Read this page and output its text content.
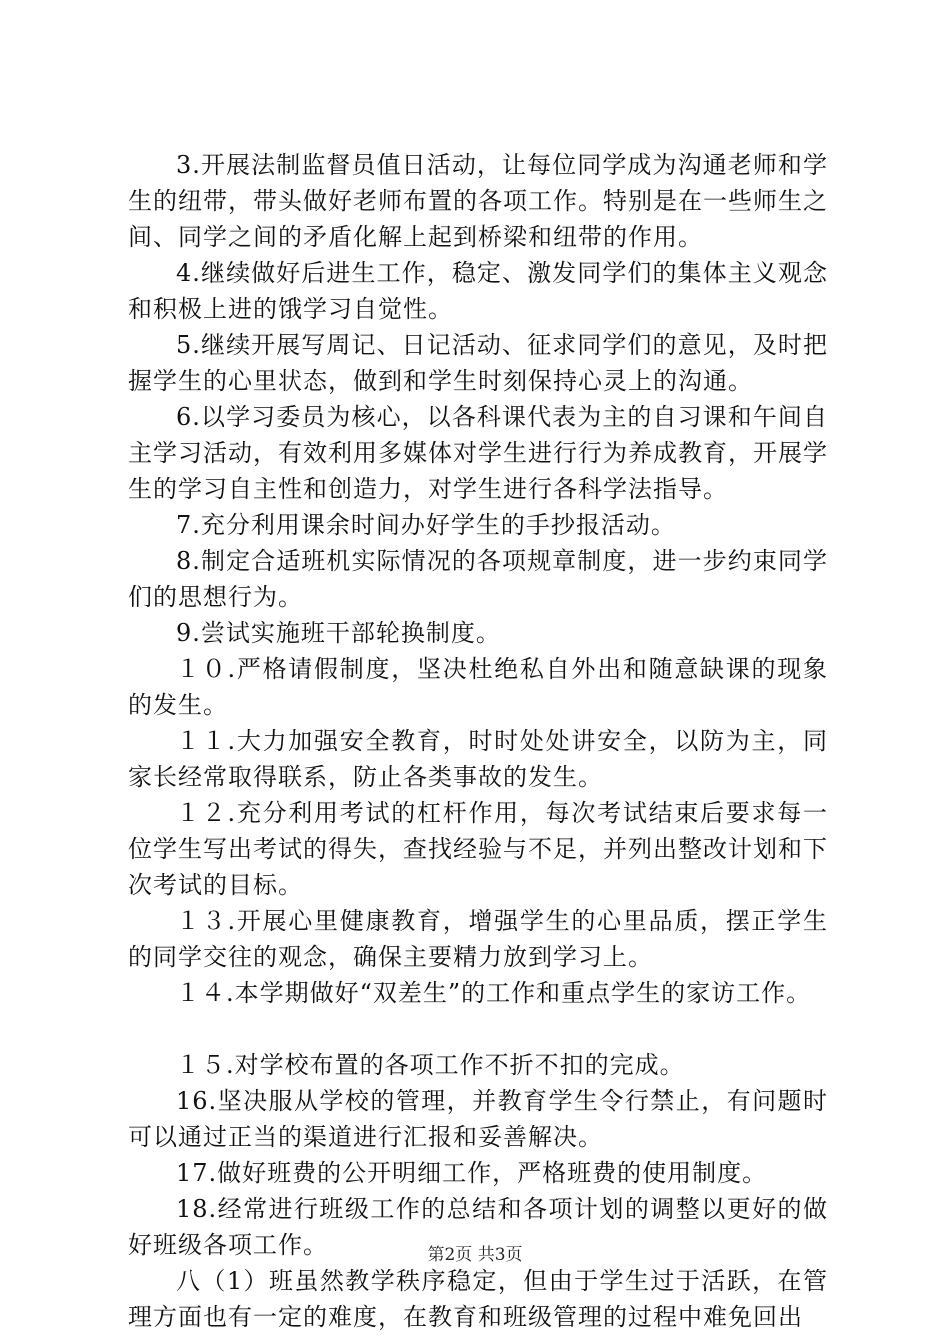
3.开展法制监督员值日活动，让每位同学成为沟通老师和学生的纽带，带头做好老师布置的各项工作。特别是在一些师生之间、同学之间的矛盾化解上起到桥梁和纽带的作用。

4.继续做好后进生工作，稳定、激发同学们的集体主义观念和积极上进的饿学习自觉性。

5.继续开展写周记、日记活动、征求同学们的意见，及时把握学生的心里状态，做到和学生时刻保持心灵上的沟通。

6.以学习委员为核心，以各科课代表为主的自习课和午间自主学习活动，有效利用多媒体对学生进行行为养成教育，开展学生的学习自主性和创造力，对学生进行各科学法指导。

7.充分利用课余时间办好学生的手抄报活动。

8.制定合适班机实际情况的各项规章制度，进一步约束同学们的思想行为。

9.尝试实施班干部轮换制度。

１０.严格请假制度，坚决杜绝私自外出和随意缺课的现象的发生。

１１.大力加强安全教育，时时处处讲安全，以防为主，同家长经常取得联系，防止各类事故的发生。

１２.充分利用考试的杠杆作用，每次考试结束后要求每一位学生写出考试的得失，查找经验与不足，并列出整改计划和下次考试的目标。

１３.开展心里健康教育，增强学生的心里品质，摆正学生的同学交往的观念，确保主要精力放到学习上。

１４.本学期做好“双差生”的工作和重点学生的家访工作。

１５.对学校布置的各项工作不折不扣的完成。

16.坚决服从学校的管理，并教育学生令行禁止，有问题时可以通过正当的渠道进行汇报和妥善解决。

17.做好班费的公开明细工作，严格班费的使用制度。

18.经常进行班级工作的总结和各项计划的调整以更好的做好班级各项工作。

八（1）班虽然教学秩序稳定，但由于学生过于活跃，在管理方面也有一定的难度，在教育和班级管理的过程中难免回出

第2页 共3页
